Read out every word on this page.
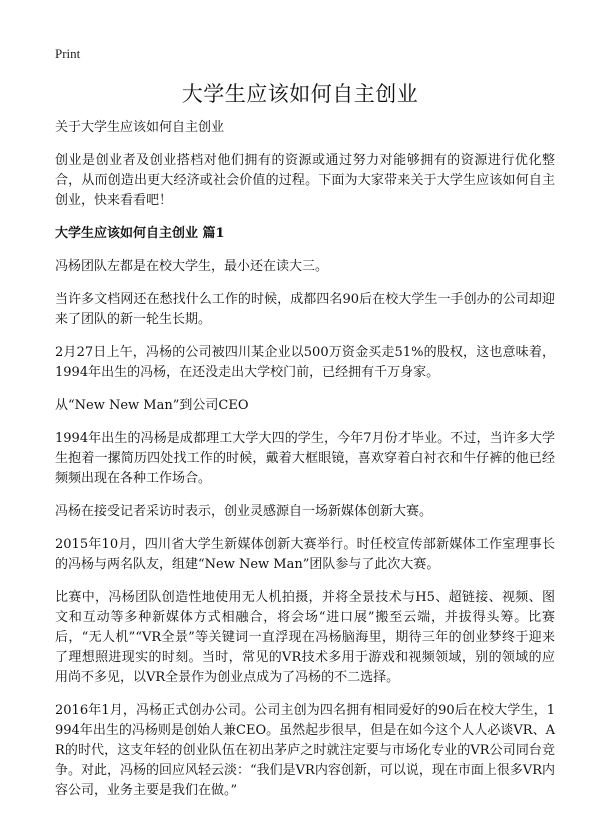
Print
大学生应该如何自主创业

关于大学生应该如何自主创业

创业是创业者及创业搭档对他们拥有的资源或通过努力对能够拥有的资源进行优化整合，从而创造出更大经济或社会价值的过程。下面为大家带来关于大学生应该如何自主创业，快来看看吧！

大学生应该如何自主创业 篇1

冯杨团队左都是在校大学生，最小还在读大三。

当许多文档网还在愁找什么工作的时候，成都四名90后在校大学生一手创办的公司却迎来了团队的新一轮生长期。

2月27日上午，冯杨的公司被四川某企业以500万资金买走51%的股权，这也意味着，1994年出生的冯杨，在还没走出大学校门前，已经拥有千万身家。

从“New New Man”到公司CEO

1994年出生的冯杨是成都理工大学大四的学生，今年7月份才毕业。不过，当许多大学生抱着一摞简历四处找工作的时候，戴着大框眼镜，喜欢穿着白衬衣和牛仔裤的他已经频频出现在各种工作场合。

冯杨在接受记者采访时表示，创业灵感源自一场新媒体创新大赛。

2015年10月，四川省大学生新媒体创新大赛举行。时任校宣传部新媒体工作室理事长的冯杨与两名队友，组建“New New Man”团队参与了此次大赛。

比赛中，冯杨团队创造性地使用无人机拍摄，并将全景技术与H5、超链接、视频、图文和互动等多种新媒体方式相融合，将会场“进口展”搬至云端，并拔得头筹。比赛后，“无人机”“VR全景”等关键词一直浮现在冯杨脑海里，期待三年的创业梦终于迎来了理想照进现实的时刻。当时，常见的VR技术多用于游戏和视频领域，别的领域的应用尚不多见，以VR全景作为创业点成为了冯杨的不二选择。

2016年1月，冯杨正式创办公司。公司主创为四名拥有相同爱好的90后在校大学生，1994年出生的冯杨则是创始人兼CEO。虽然起步很早，但是在如今这个人人必谈VR、AR的时代，这支年轻的创业队伍在初出茅庐之时就注定要与市场化专业的VR公司同台竞争。对此，冯杨的回应风轻云淡：“我们是VR内容创新，可以说，现在市面上很多VR内容公司，业务主要是我们在做。”
